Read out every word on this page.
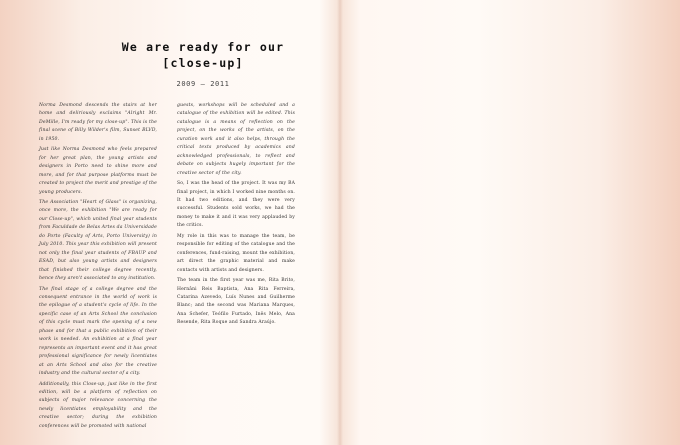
We are ready for our
[close-up]
2009 — 2011

Norma Desmond descends the stairs at her home and deliriously exclaims "Alright Mr. DeMille, I'm ready for my close-up". This is the final scene of Billy Wilder's film, Sunset BLVD, in 1950.

Just like Norma Desmond who feels prepared for her great plan, the young artists and designers in Porto need to shine more and more, and for that purpose platforms must be created to project the merit and prestige of the young producers.

The Association "Heart of Glass" is organizing, once more, the exhibition "We are ready for our Close-up", which united final year students from Faculdade de Belas Artes da Universidade do Porto (Faculty of Arts, Porto University) in July 2010. This year this exhibition will present not only the final year students of FBAUP and ESAD, but also young artists and designers that finished their college degree recently, hence they aren't associated to any institution.

The final stage of a college degree and the consequent entrance in the world of work is the epilogue of a student's cycle of life. In the specific case of an Arts School the conclusion of this cycle must mark the opening of a new phase and for that a public exhibition of their work is needed. An exhibition at a final year represents an important event and it has great professional significance for newly licentiates at an Arts School and also for the creative industry and the cultural sector of a city.

Additionally, this Close-up, just like in the first edition, will be a platform of reflection on subjects of major relevance concerning the newly licentiates employability and the creative sector; during the exhibition conferences will be promoted with national

guests, workshops will be scheduled and a catalogue of the exhibition will be edited. This catalogue is a means of reflection on the project, on the works of the artists, on the curation work and it also helps, through the critical texts produced by academics and acknowledged professionals, to reflect and debate on subjects hugely important for the creative sector of the city.

So, I was the head of the project. It was my BA final project, in which I worked nine months on. It had two editions, and they were very successful. Students sold works, we had the money to make it and it was very applauded by the critics.

My role in this was to manage the team, be responsible for editing of the catalogue and the conferences, fund-raising, mount the exhibition, art direct the graphic material and make contacts with artists and designers.

The team in the first year was me, Rita Brito, Hernâni Reis Baptista, Ana Rita Ferreira, Catarina Azevedo, Luís Nunes and Guilherme Blanc; and the second was Mariana Marques, Ana Schefer, Teófilo Furtado, Inês Melo, Ana Resende, Rita Roque and Sandra Araújo.
